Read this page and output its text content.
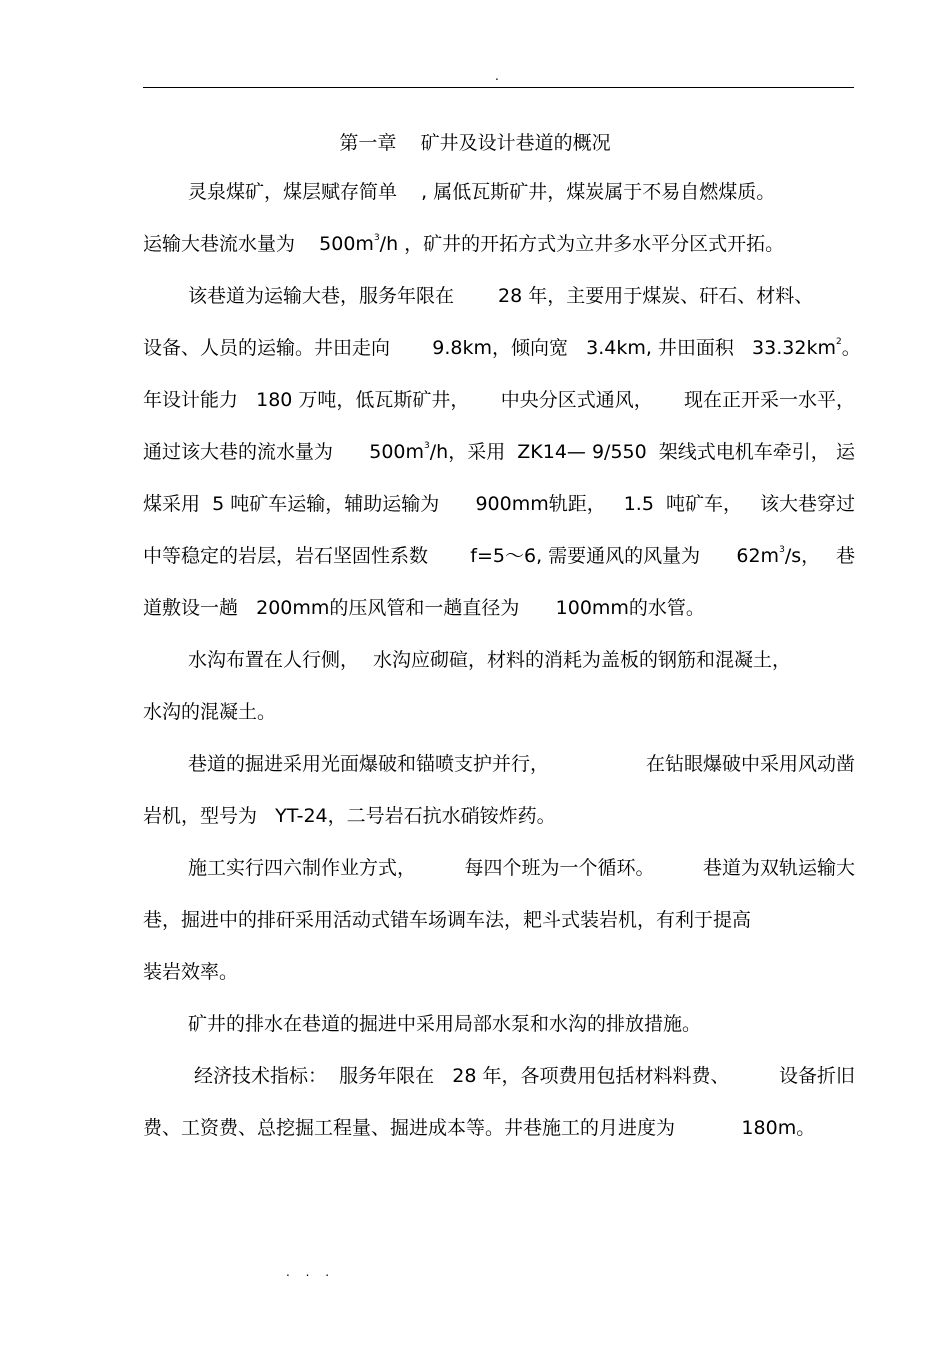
.
第一章    矿井及设计巷道的概况
灵泉煤矿，煤层赋存简单    , 属低瓦斯矿井，煤炭属于不易自燃煤质。
运输大巷流水量为    $500m^3/h$ ，矿井的开拓方式为立井多水平分区式开拓。
该巷道为运输大巷，服务年限在 28 年，主要用于煤炭、矸石、材料、
设备、人员的运输。井田走向       9.8km，倾向宽   3.4km, 井田面积   $33.32km^2$。
年设计能力   180 万吨，低瓦斯矿井， 中央分区式通风， 现在正开采一水平，
通过该大巷的流水量为      $500m^3/h$，采用  ZK14— 9/550  架线式电机车牵引， 运
煤采用  5 吨矿车运输，辅助运输为      900mm轨距， 1.5  吨矿车， 该大巷穿过
中等稳定的岩层，岩石坚固性系数       f=5～6, 需要通风的风量为      $62m^3/s$， 巷
道敷设一趟   200mm的压风管和一趟直径为      100mm的水管。
水沟布置在人行侧， 水沟应砌碹，材料的消耗为盖板的钢筋和混凝土，
水沟的混凝土。
巷道的掘进采用光面爆破和锚喷支护并行，	在钻眼爆破中采用风动凿
岩机，型号为   YT-24，二号岩石抗水硝铵炸药。
施工实行四六制作业方式，	每四个班为一个循环。	巷道为双轨运输大
巷，掘进中的排矸采用活动式错车场调车法，耙斗式装岩机，有利于提高
装岩效率。
矿井的排水在巷道的掘进中采用局部水泵和水沟的排放措施。
经济技术指标：  服务年限在   28 年，各项费用包括材料料费、	设备折旧
费、工资费、总挖掘工程量、掘进成本等。井巷施工的月进度为           180m。
. . .
